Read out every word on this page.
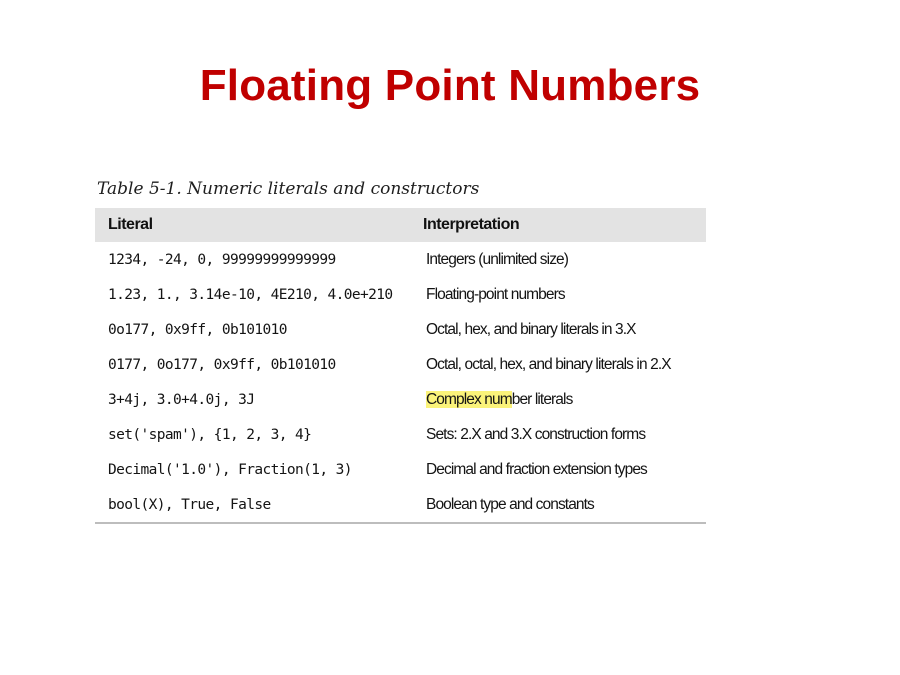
Floating Point Numbers
Table 5-1. Numeric literals and constructors
Literal	Interpretation
1234, -24, 0, 99999999999999	Integers (unlimited size)
1.23, 1., 3.14e-10, 4E210, 4.0e+210	Floating-point numbers
0o177, 0x9ff, 0b101010	Octal, hex, and binary literals in 3.X
0177, 0o177, 0x9ff, 0b101010	Octal, octal, hex, and binary literals in 2.X
3+4j, 3.0+4.0j, 3J	Complex number literals
set('spam'), {1, 2, 3, 4}	Sets: 2.X and 3.X construction forms
Decimal('1.0'), Fraction(1, 3)	Decimal and fraction extension types
bool(X), True, False	Boolean type and constants
